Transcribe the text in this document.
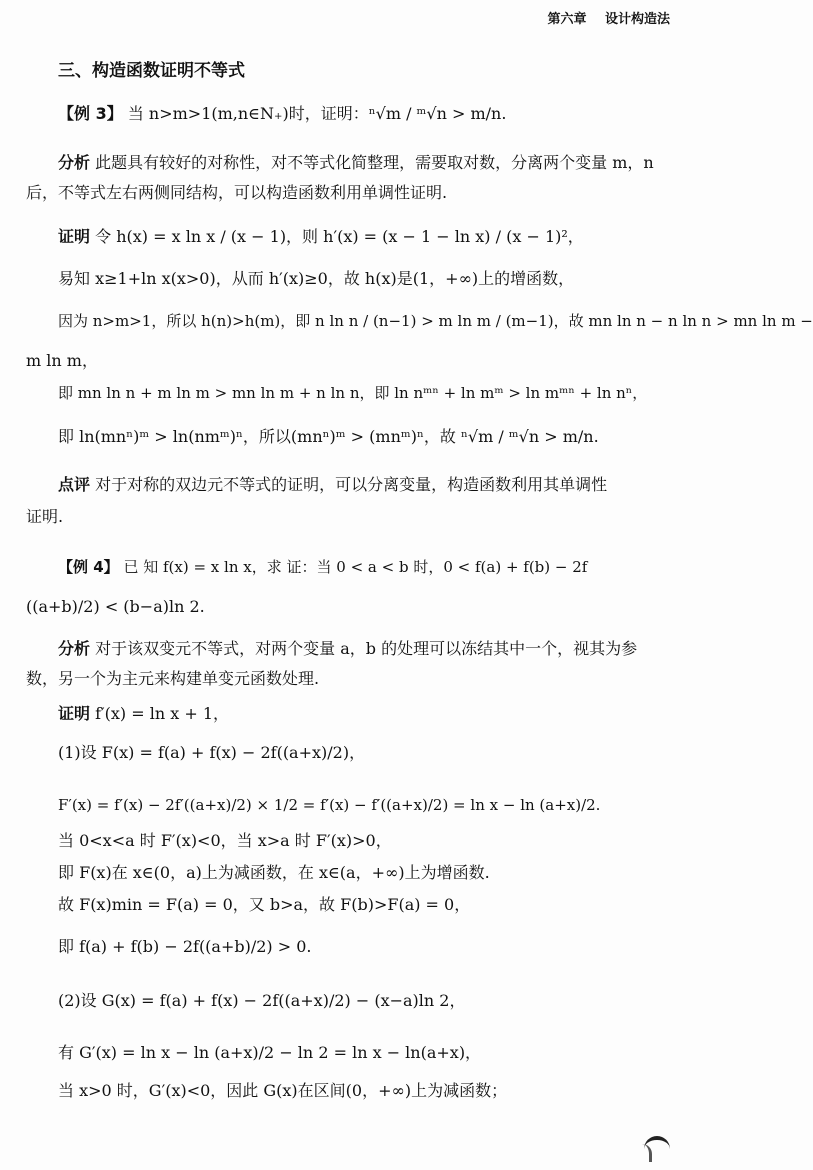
第六章 设计构造法
三、构造函数证明不等式
【例 3】 当 n>m>1(m,n∈N₊)时，证明：ⁿ√m / ᵐ√n > m/n.
分析 此题具有较好的对称性，对不等式化简整理，需要取对数，分离两个变量 m，n
后，不等式左右两侧同结构，可以构造函数利用单调性证明.
证明 令 h(x) = x ln x / (x − 1)，则 h′(x) = (x − 1 − ln x) / (x − 1)²，
易知 x≥1+ln x(x>0)，从而 h′(x)≥0，故 h(x)是(1，+∞)上的增函数，
因为 n>m>1，所以 h(n)>h(m)，即 n ln n / (n−1) > m ln m / (m−1)，故 mn ln n − n ln n > mn ln m −
m ln m，
即 mn ln n + m ln m > mn ln m + n ln n，即 ln nᵐⁿ + ln mᵐ > ln mᵐⁿ + ln nⁿ，
即 ln(mnⁿ)ᵐ > ln(nmᵐ)ⁿ，所以(mnⁿ)ᵐ > (mnᵐ)ⁿ，故 ⁿ√m / ᵐ√n > m/n.
点评 对于对称的双边元不等式的证明，可以分离变量，构造函数利用其单调性
证明.
【例 4】 已 知 f(x) = x ln x，求 证：当 0 < a < b 时，0 < f(a) + f(b) − 2f
((a+b)/2) < (b−a)ln 2.
分析 对于该双变元不等式，对两个变量 a，b 的处理可以冻结其中一个，视其为参
数，另一个为主元来构建单变元函数处理.
证明 f′(x) = ln x + 1，
(1)设 F(x) = f(a) + f(x) − 2f((a+x)/2)，
F′(x) = f′(x) − 2f′((a+x)/2) × 1/2 = f′(x) − f′((a+x)/2) = ln x − ln (a+x)/2.
当 0<x<a 时 F′(x)<0，当 x>a 时 F′(x)>0，
即 F(x)在 x∈(0，a)上为减函数，在 x∈(a，+∞)上为增函数.
故 F(x)min = F(a) = 0，又 b>a，故 F(b)>F(a) = 0，
即 f(a) + f(b) − 2f((a+b)/2) > 0.
(2)设 G(x) = f(a) + f(x) − 2f((a+x)/2) − (x−a)ln 2，
有 G′(x) = ln x − ln (a+x)/2 − ln 2 = ln x − ln(a+x)，
当 x>0 时，G′(x)<0，因此 G(x)在区间(0，+∞)上为减函数；
